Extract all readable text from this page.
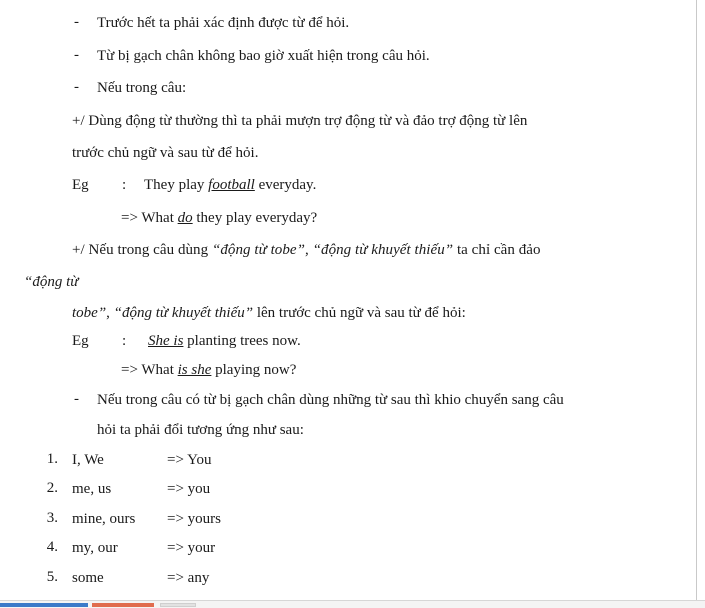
- Trước hết ta phải xác định được từ để hỏi.
- Từ bị gạch chân không bao giờ xuất hiện trong câu hỏi.
- Nếu trong câu:
+/ Dùng động từ thường thì ta phải mượn trợ động từ và đảo trợ động từ lên
trước chủ ngữ và sau từ để hỏi.
Eg : They play football everyday.
=> What do they play everyday?
+/ Nếu trong câu dùng “động từ tobe”, “động từ khuyết thiếu” ta chỉ cần đảo
“động từ
tobe”, “động từ khuyết thiếu” lên trước chủ ngữ và sau từ để hỏi:
Eg : She is planting trees now.
=> What is she playing now?
- Nếu trong câu có từ bị gạch chân dùng những từ sau thì khio chuyển sang câu
hỏi ta phải đổi tương ứng như sau:
1. I, We	=> You
2. me, us	=> you
3. mine, ours => yours
4. my, our	=> your
5. some	=> any
